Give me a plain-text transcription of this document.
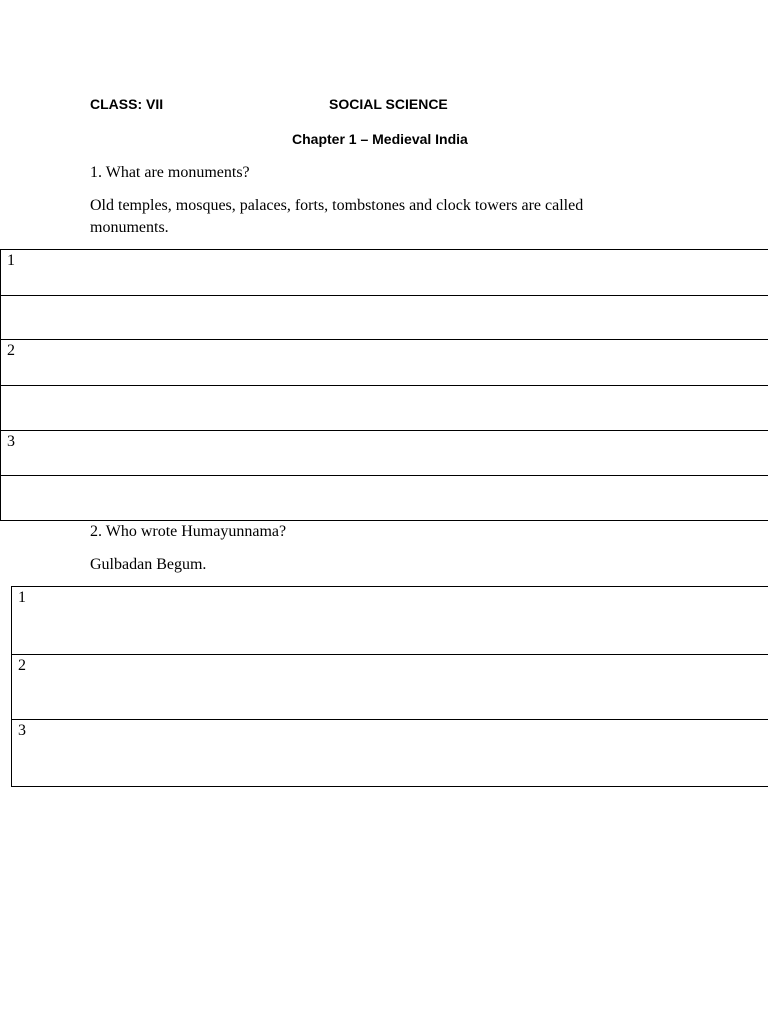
CLASS: VII	SOCIAL SCIENCE
Chapter 1 – Medieval India
1. What are monuments?
Old temples, mosques, palaces, forts, tombstones and clock towers are called monuments.
1
2
3
2. Who wrote Humayunnama?
Gulbadan Begum.
1
2
3
